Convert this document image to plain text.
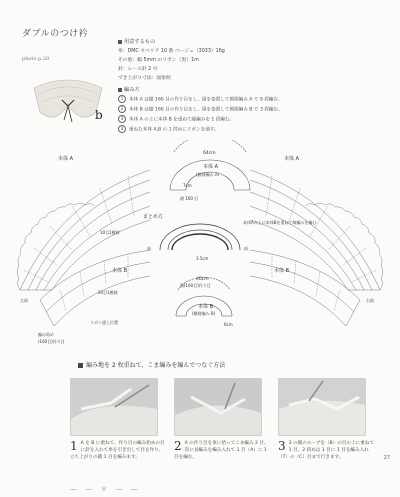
ダブルのつけ衿
photo p.20
b
用意するもの
糸：DMC セベリア 10 番 ベージュ（3033）16g
その他：幅 5mm のリボン（黒）1m
針：レース針 2 号
でき上がり寸法：図参照
編み方
1 本体 A は鎖 160 目の作り目をし、図を参照して模様編み A で 9 段編む。
2 本体 B は鎖 160 目の作り目をし、図を参照して模様編み B で 3 段編む。
3 本体 A の上に本体 B を重ねて縁編みを 1 段編む。
4 重ねた本体 A,B の 1 段めにリボンを通す。
64cm
本体 A
(模様編み A)
7cm
鎖 160 目
まとめ方
前	前
3.5cm
本体Aの上に本体Bを重ねて縁編みを編む
46cm
鎖(160目)作り目
本体 B
(模様編み B)
6cm
本体 A	本体 A
本体 B	本体 B
10目1模様
20目1模様
リボン通し位置
編み始め
(160目)作り目
左前	右前
編み地を 2 枚重ねて、こま編みを編んでつなぐ方法
1 A を B に重ねて、作り目の編み始めの目に針を入れて糸を引き出して目を作り、立ち上がりの鎖 1 目を編みます。
2 A の作り目を束に拾ってこま編み 2 目、次に長編みを編み入れて 1 目（A）に 1 目を編む。
3 3 の鎖のループを（B）の目の上に重ねて 1 目、2 段めは 1 目に 1 目を編み入れ（T）の（C）目まで行きます。	27
— — ＊ — —
